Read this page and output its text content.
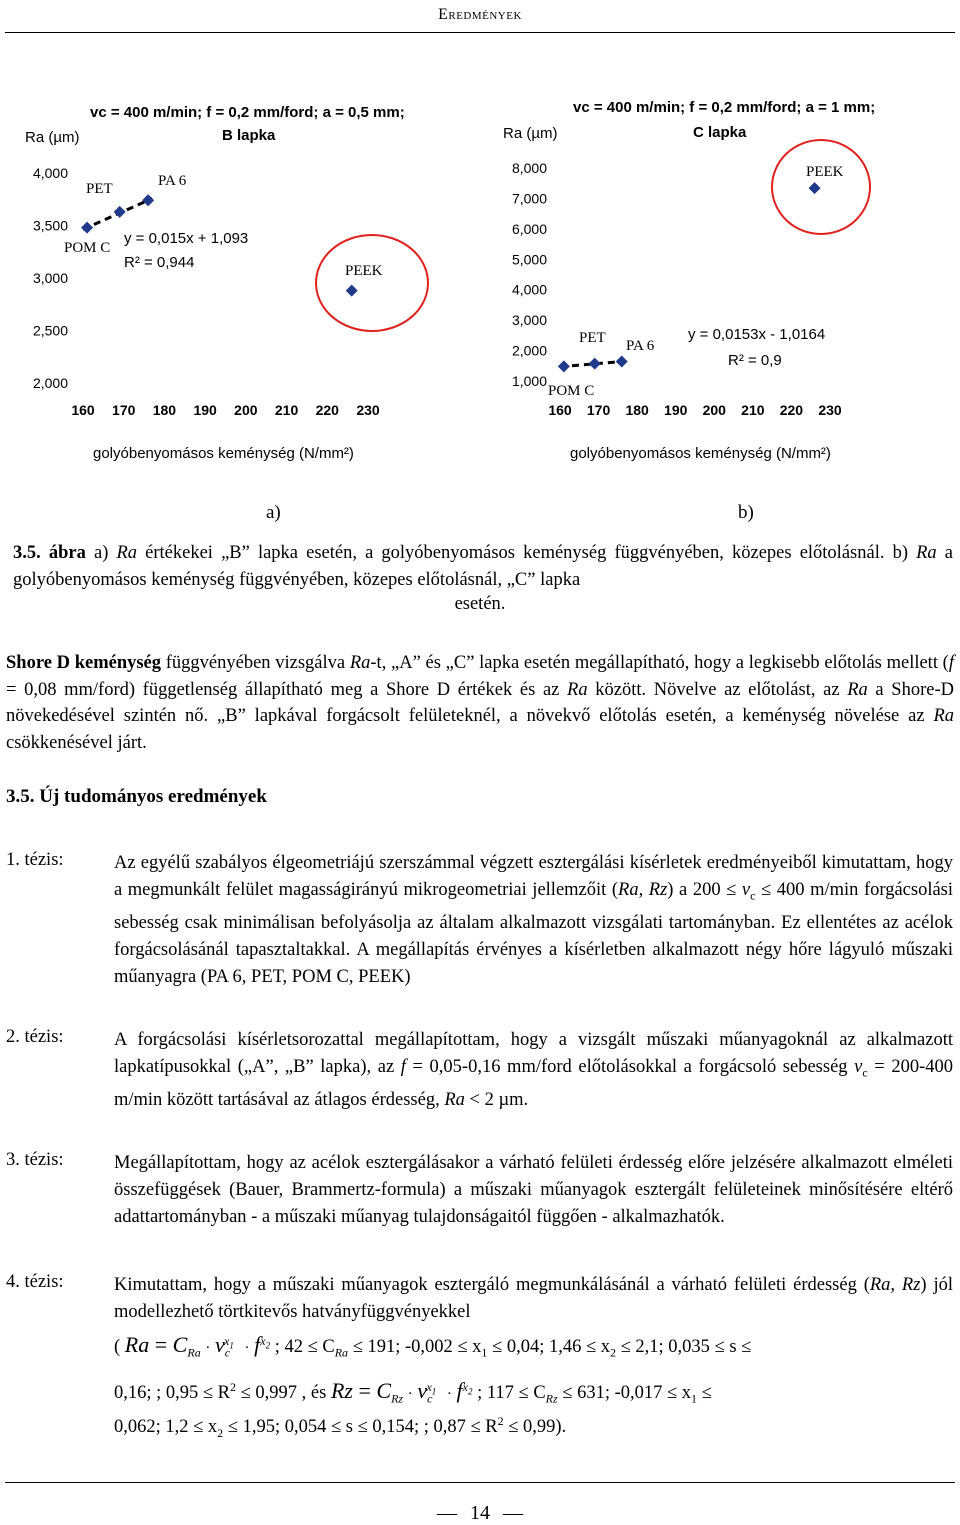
Eredmények
vc = 400 m/min; f = 0,2 mm/ford; a = 0,5 mm;
B lapka
Ra (µm)
2,000
2,500
3,000
3,500
4,000
160 170 180 190 200 210 220 230
golyóbenyomásos keménység (N/mm²)
y = 0,015x + 1,093
R² = 0,944
POM C
PET	PA 6
PEEK
a)
vc = 400 m/min; f = 0,2 mm/ford; a = 1 mm;
C lapka
Ra (µm)
1,000
2,000
3,000
4,000
5,000
6,000
7,000
8,000
160 170 180 190 200 210 220 230
golyóbenyomásos keménység (N/mm²)
y = 0,0153x - 1,0164
R² = 0,9
POM C
PET PA 6
PEEK
b)
3.5. ábra a) Ra értékekei „B” lapka esetén, a golyóbenyomásos keménység függvényében, közepes előtolásnál. b) Ra a golyóbenyomásos keménység függvényében, közepes előtolásnál, „C” lapka
esetén.
Shore D keménység függvényében vizsgálva Ra-t, „A” és „C” lapka esetén megállapítható, hogy a legkisebb előtolás mellett (f = 0,08 mm/ford) függetlenség állapítható meg a Shore D értékek és az Ra között. Növelve az előtolást, az Ra a Shore-D növekedésével szintén nő. „B” lapkával forgácsolt felületeknél, a növekvő előtolás esetén, a keménység növelése az Ra csökkenésével járt.
3.5. Új tudományos eredmények
1. tézis:	Az egyélű szabályos élgeometriájú szerszámmal végzett esztergálási kísérletek eredményeiből kimutattam, hogy a megmunkált felület magasságirányú mikrogeometriai jellemzőit (Ra, Rz) a $200 \le v_c \le 400$ m/min forgácsolási sebesség csak minimálisan befolyásolja az általam alkalmazott vizsgálati tartományban. Ez ellentétes az acélok forgácsolásánál tapasztaltakkal. A megállapítás érvényes a kísérletben alkalmazott négy hőre lágyuló műszaki műanyagra (PA 6, PET, POM C, PEEK)
2. tézis:	A forgácsolási kísérletsorozattal megállapítottam, hogy a vizsgált műszaki műanyagoknál az alkalmazott lapkatípusokkal („A”, „B” lapka), az f = 0,05-0,16 mm/ford előtolásokkal a forgácsoló sebesség $v_c = 200-400$ m/min között tartásával az átlagos érdesség, Ra < 2 µm.
3. tézis:	Megállapítottam, hogy az acélok esztergálásakor a várható felületi érdesség előre jelzésére alkalmazott elméleti összefüggések (Bauer, Brammertz-formula) a műszaki műanyagok esztergált felületeinek minősítésére eltérő adattartományban - a műszaki műanyag tulajdonságaitól függően - alkalmazhatók.
4. tézis:	Kimutattam, hogy a műszaki műanyagok esztergáló megmunkálásánál a várható felületi érdesség (Ra, Rz) jól modellezhető törtkitevős hatványfüggvényekkel
( $Ra = C_{Ra} \cdot v_c^{x_1} \cdot f^{x_2}$ ; $42 \le C_{Ra} \le 191$; $-0,002 \le x_1 \le 0,04$; $1,46 \le x_2 \le 2,1$; 0,035 ≤ s ≤
0,16; ; $0,95 \le R^2 \le 0,997$ , és $Rz = C_{Rz} \cdot v_c^{x_1} \cdot f^{x_2}$ ; $117 \le C_{Rz} \le 631$; $-0,017 \le x_1$ ≤
0,062; $1,2 \le x_2 \le 1,95$; 0,054 ≤ s ≤ 0,154; ; $0,87 \le R^2 \le 0,99$).
— 14 —
